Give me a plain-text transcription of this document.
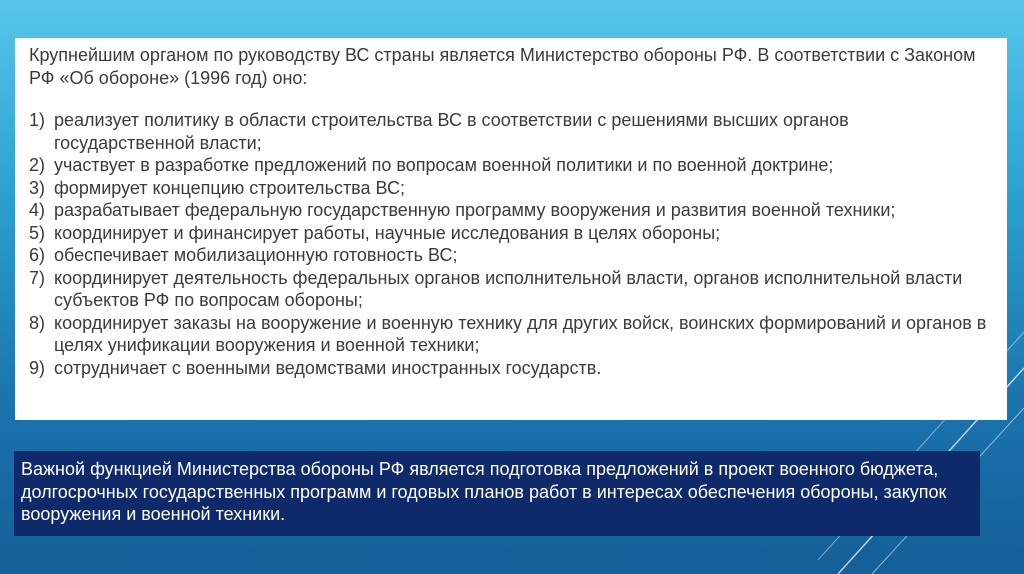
Крупнейшим органом по руководству ВС страны является Министерство обороны РФ. В соответствии с Законом РФ «Об обороне» (1996 год) оно:

1) реализует политику в области строительства ВС в соответствии с решениями высших органов государственной власти;
2) участвует в разработке предложений по вопросам военной политики и по военной доктрине;
3) формирует концепцию строительства ВС;
4) разрабатывает федеральную государственную программу вооружения и развития военной техники;
5) координирует и финансирует работы, научные исследования в целях обороны;
6) обеспечивает мобилизационную готовность ВС;
7) координирует деятельность федеральных органов исполнительной власти, органов исполнительной власти субъектов РФ по вопросам обороны;
8) координирует заказы на вооружение и военную технику для других войск, воинских формирований и органов в целях унификации вооружения и военной техники;
9) сотрудничает с военными ведомствами иностранных государств.
Важной функцией Министерства обороны РФ является подготовка предложений в проект военного бюджета, долгосрочных государственных программ и годовых планов работ в интересах обеспечения обороны, закупок вооружения и военной техники.
